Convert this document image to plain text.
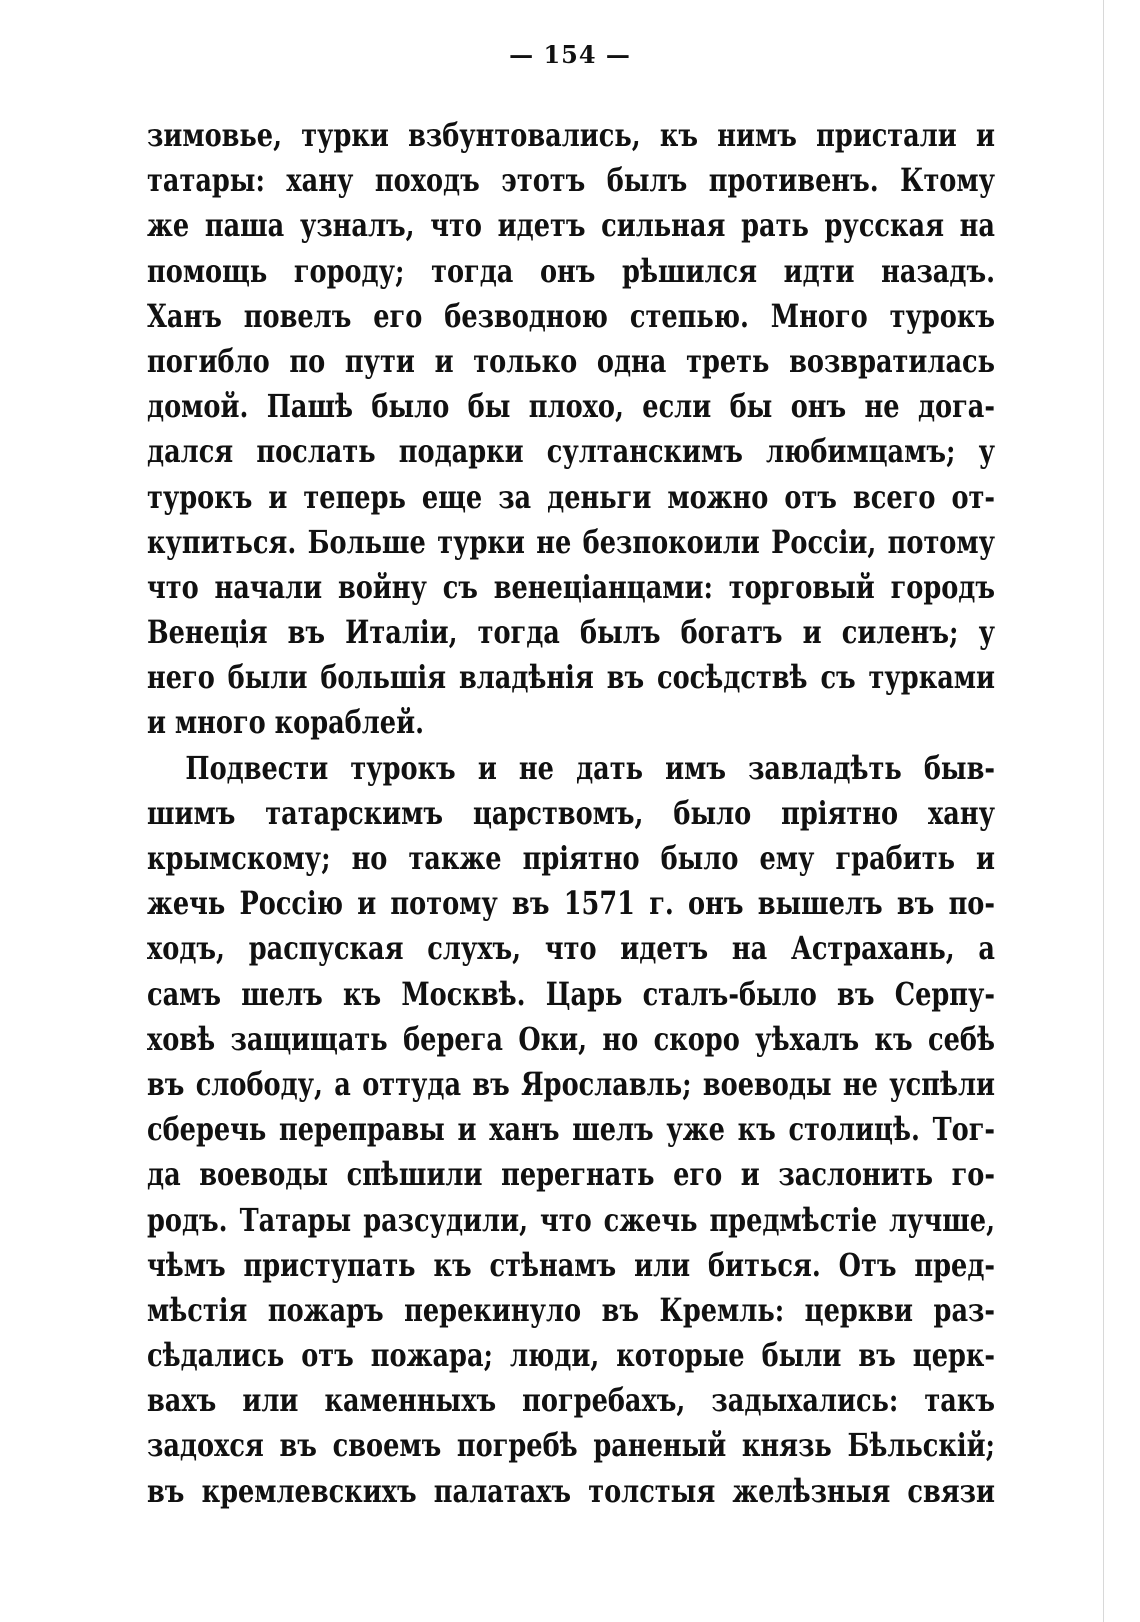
— 154 —
зимовье, турки взбунтовались, къ нимъ пристали и
татары: хану походъ этотъ былъ противенъ. Ктому
же паша узналъ, что идетъ сильная рать русская на
помощь городу; тогда онъ рѣшился идти назадъ.
Ханъ повелъ его безводною степью. Много турокъ
погибло по пути и только одна треть возвратилась
домой. Пашѣ было бы плохо, если бы онъ не дога-
дался послать подарки султанскимъ любимцамъ; у
турокъ и теперь еще за деньги можно отъ всего от-
купиться. Больше турки не безпокоили Россіи, потому
что начали войну съ венеціанцами: торговый городъ
Венеція въ Италіи, тогда былъ богатъ и силенъ; у
него были большія владѣнія въ сосѣдствѣ съ турками
и много кораблей.
Подвести турокъ и не дать имъ завладѣть быв-
шимъ татарскимъ царствомъ, было пріятно хану
крымскому; но также пріятно было ему грабить и
жечь Россію и потому въ 1571 г. онъ вышелъ въ по-
ходъ, распуская слухъ, что идетъ на Астрахань, а
самъ шелъ къ Москвѣ. Царь сталъ-было въ Серпу-
ховѣ защищать берега Оки, но скоро уѣхалъ къ себѣ
въ слободу, а оттуда въ Ярославль; воеводы не успѣли
сберечь переправы и ханъ шелъ уже къ столицѣ. Тог-
да воеводы спѣшили перегнать его и заслонить го-
родъ. Татары разсудили, что сжечь предмѣстіе лучше,
чѣмъ приступать къ стѣнамъ или биться. Отъ пред-
мѣстія пожаръ перекинуло въ Кремль: церкви раз-
сѣдались отъ пожара; люди, которые были въ церк-
вахъ или каменныхъ погребахъ, задыхались: такъ
задохся въ своемъ погребѣ раненый князь Бѣльскій;
въ кремлевскихъ палатахъ толстыя желѣзныя связи
